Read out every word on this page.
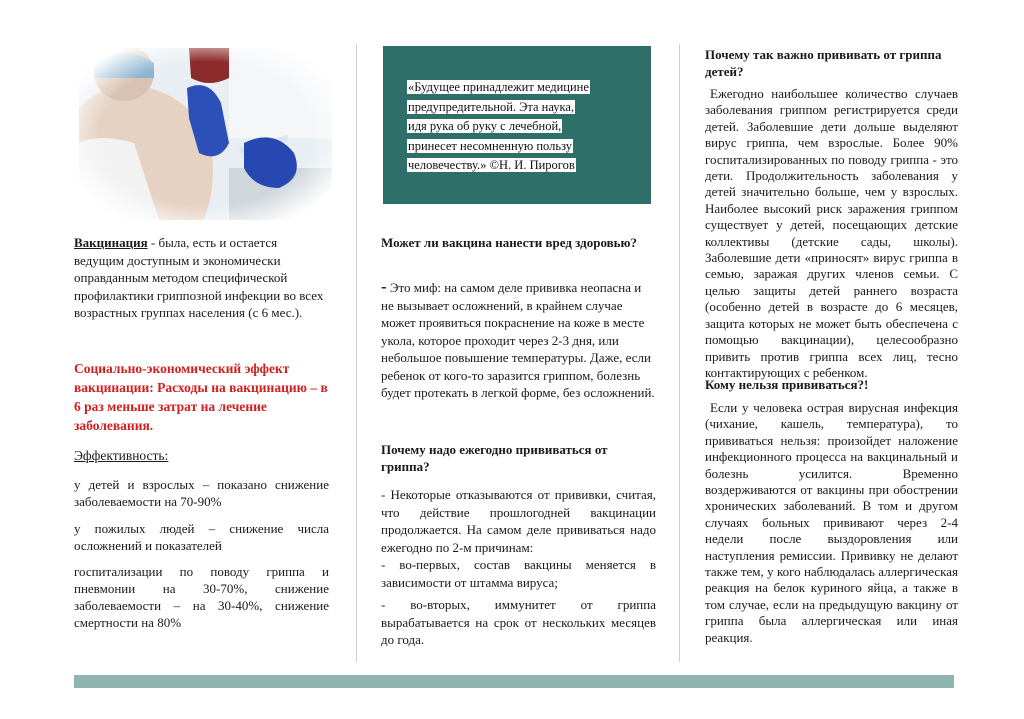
Вакцинация - была, есть и остается ведущим доступным и экономически оправданным методом специфической профилактики гриппозной инфекции во всех возрастных группах населения (с 6 мес.).
Социально-экономический эффект вакцинации: Расходы на вакцинацию – в 6 раз меньше затрат на лечение заболевания.
Эффективность:
у детей и взрослых – показано снижение заболеваемости на 70-90%
у пожилых людей – снижение числа осложнений и показателей
госпитализации по поводу гриппа и пневмонии на 30-70%, снижение заболеваемости – на 30-40%, снижение смертности на 80%
«Будущее принадлежит медицине
предупредительной. Эта наука,
идя рука об руку с лечебной,
принесет несомненную пользу
человечеству.» ©Н. И. Пирогов
Может ли вакцина нанести вред здоровью?
- Это миф: на самом деле прививка неопасна и не вызывает осложнений, в крайнем случае может проявиться покраснение на коже в месте укола, которое проходит через 2-3 дня, или небольшое повышение температуры. Даже, если ребенок от кого-то заразится гриппом, болезнь будет протекать в легкой форме, без осложнений.
Почему надо ежегодно прививаться от гриппа?
- Некоторые отказываются от прививки, считая, что действие прошлогодней вакцинации продолжается. На самом деле прививаться надо ежегодно по 2-м причинам:
- во-первых, состав вакцины меняется в зависимости от штамма вируса;
- во-вторых, иммунитет от гриппа вырабатывается на срок от нескольких месяцев до года.
Почему так важно прививать от гриппа детей?
Ежегодно наибольшее количество случаев заболевания гриппом регистрируется среди детей. Заболевшие дети дольше выделяют вирус гриппа, чем взрослые. Более 90% госпитализированных по поводу гриппа - это дети. Продолжительность заболевания у детей значительно больше, чем у взрослых. Наиболее высокий риск заражения гриппом существует у детей, посещающих детские коллективы (детские сады, школы). Заболевшие дети «приносят» вирус гриппа в семью, заражая других членов семьи. С целью защиты детей раннего возраста (особенно детей в возрасте до 6 месяцев, защита которых не может быть обеспечена с помощью вакцинации), целесообразно привить против гриппа всех лиц, тесно контактирующих с ребенком.
Кому нельзя прививаться?!
Если у человека острая вирусная инфекция (чихание, кашель, температура), то прививаться нельзя: произойдет наложение инфекционного процесса на вакцинальный и болезнь усилится. Временно воздерживаются от вакцины при обострении хронических заболеваний. В том и другом случаях больных прививают через 2-4 недели после выздоровления или наступления ремиссии. Прививку не делают также тем, у кого наблюдалась аллергическая реакция на белок куриного яйца, а также в том случае, если на предыдущую вакцину от гриппа была аллергическая или иная реакция.
